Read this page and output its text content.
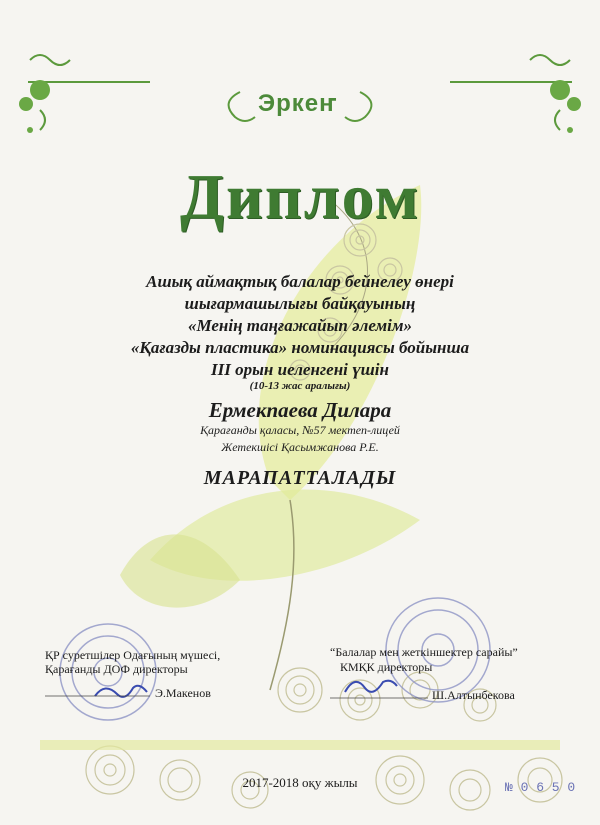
Эркеҥ
Диплом
Ашық аймақтық балалар бейнелеу өнері
шығармашылығы байқауының
«Менің таңғажайып әлемім»
«Қағазды пластика» номинациясы бойынша
III орын иеленгені үшін
(10-13 жас аралығы)
Ермекпаева Дилара
Қарағанды қаласы, №57 мектеп-лицей
Жетекшісі Қасымжанова Р.Е.
МАРАПАТТАЛАДЫ
ҚР суретшілер Одағының мүшесі,
Қарағанды ДОФ директоры
Э.Макенов
“Балалар мен жеткіншектер сарайы”
КМҚК директоры
Ш.Алтынбекова
2017-2018 оқу жылы	№ 0 6 5 0
